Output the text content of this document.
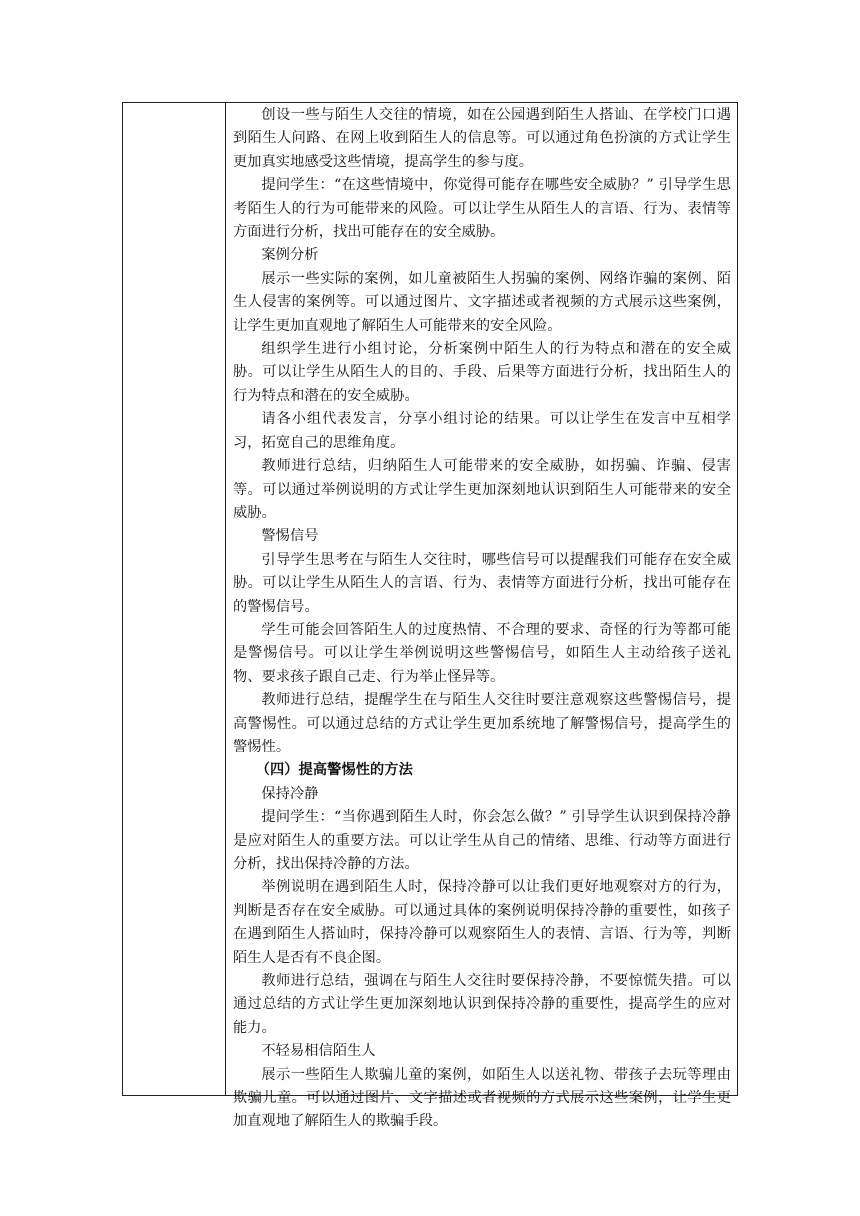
创设一些与陌生人交往的情境，如在公园遇到陌生人搭讪、在学校门口遇到陌生人问路、在网上收到陌生人的信息等。可以通过角色扮演的方式让学生更加真实地感受这些情境，提高学生的参与度。

提问学生：“在这些情境中，你觉得可能存在哪些安全威胁？” 引导学生思考陌生人的行为可能带来的风险。可以让学生从陌生人的言语、行为、表情等方面进行分析，找出可能存在的安全威胁。

案例分析

展示一些实际的案例，如儿童被陌生人拐骗的案例、网络诈骗的案例、陌生人侵害的案例等。可以通过图片、文字描述或者视频的方式展示这些案例，让学生更加直观地了解陌生人可能带来的安全风险。

组织学生进行小组讨论，分析案例中陌生人的行为特点和潜在的安全威胁。可以让学生从陌生人的目的、手段、后果等方面进行分析，找出陌生人的行为特点和潜在的安全威胁。

请各小组代表发言，分享小组讨论的结果。可以让学生在发言中互相学习，拓宽自己的思维角度。

教师进行总结，归纳陌生人可能带来的安全威胁，如拐骗、诈骗、侵害等。可以通过举例说明的方式让学生更加深刻地认识到陌生人可能带来的安全威胁。

警惕信号

引导学生思考在与陌生人交往时，哪些信号可以提醒我们可能存在安全威胁。可以让学生从陌生人的言语、行为、表情等方面进行分析，找出可能存在的警惕信号。

学生可能会回答陌生人的过度热情、不合理的要求、奇怪的行为等都可能是警惕信号。可以让学生举例说明这些警惕信号，如陌生人主动给孩子送礼物、要求孩子跟自己走、行为举止怪异等。

教师进行总结，提醒学生在与陌生人交往时要注意观察这些警惕信号，提高警惕性。可以通过总结的方式让学生更加系统地了解警惕信号，提高学生的警惕性。

（四）提高警惕性的方法

保持冷静

提问学生：“当你遇到陌生人时，你会怎么做？” 引导学生认识到保持冷静是应对陌生人的重要方法。可以让学生从自己的情绪、思维、行动等方面进行分析，找出保持冷静的方法。

举例说明在遇到陌生人时，保持冷静可以让我们更好地观察对方的行为，判断是否存在安全威胁。可以通过具体的案例说明保持冷静的重要性，如孩子在遇到陌生人搭讪时，保持冷静可以观察陌生人的表情、言语、行为等，判断陌生人是否有不良企图。

教师进行总结，强调在与陌生人交往时要保持冷静，不要惊慌失措。可以通过总结的方式让学生更加深刻地认识到保持冷静的重要性，提高学生的应对能力。

不轻易相信陌生人

展示一些陌生人欺骗儿童的案例，如陌生人以送礼物、带孩子去玩等理由欺骗儿童。可以通过图片、文字描述或者视频的方式展示这些案例，让学生更加直观地了解陌生人的欺骗手段。
